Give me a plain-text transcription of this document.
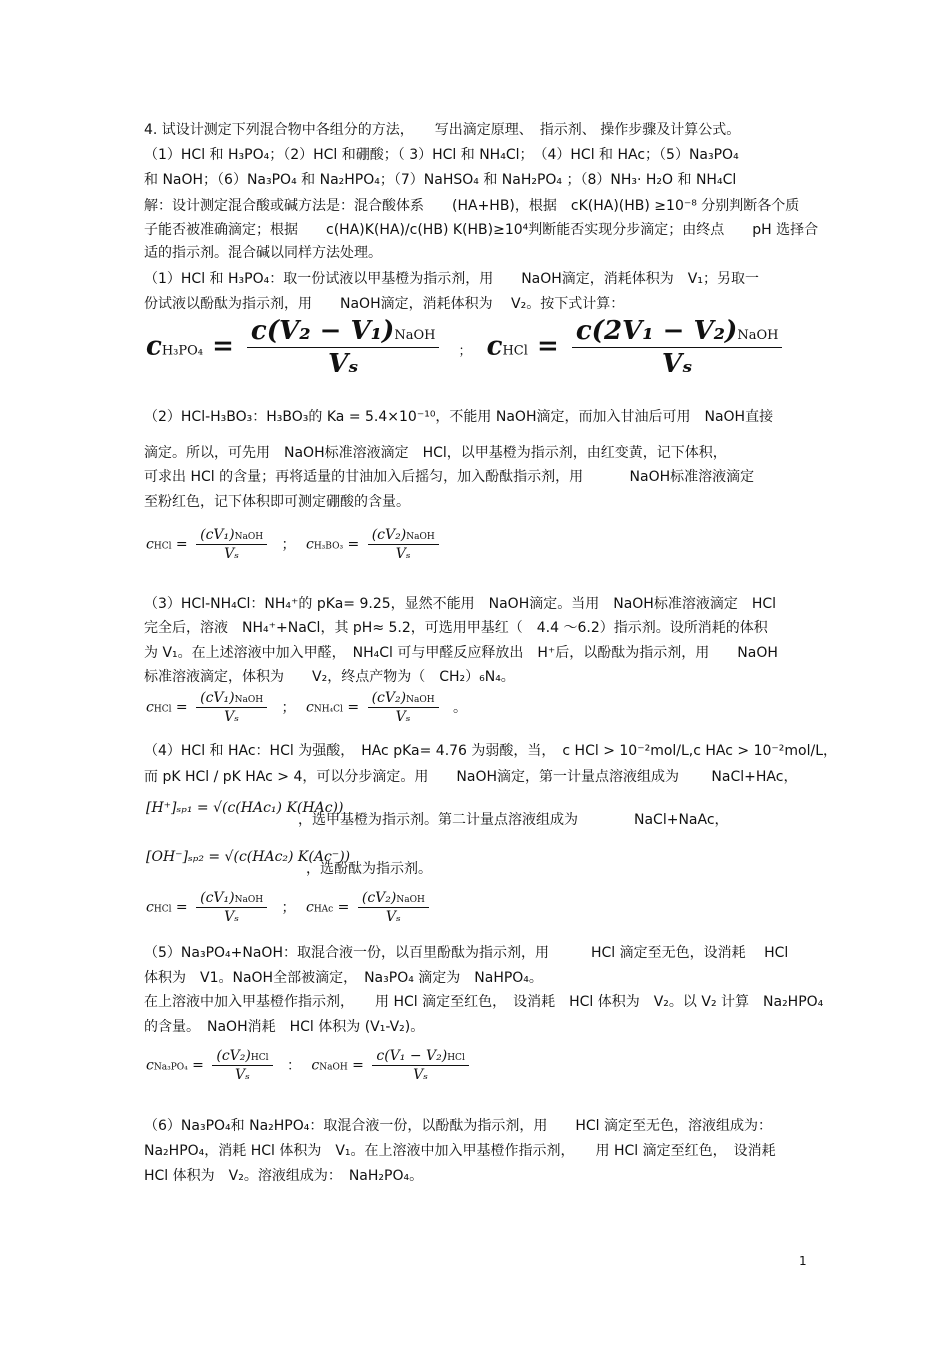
4. 试设计测定下列混合物中各组分的方法，　　写出滴定原理、　指示剂、 操作步骤及计算公式。
（1）HCl 和 H₃PO₄；（2）HCl 和硼酸；（ 3）HCl 和 NH₄Cl；　（4）HCl 和 HAc；（5）Na₃PO₄
和 NaOH；（6）Na₃PO₄ 和 Na₂HPO₄；（7）NaHSO₄ 和 NaH₂PO₄ ；（8）NH₃· H₂O 和 NH₄Cl
解：设计测定混合酸或碱方法是：混合酸体系　　(HA+HB)，根据　cK(HA)(HB) ≥10⁻⁸ 分别判断各个质
子能否被准确滴定；根据　　c(HA)K(HA)/c(HB) K(HB)≥10⁴判断能否实现分步滴定；由终点　　pH 选择合
适的指示剂。混合碱以同样方法处理。
（1）HCl 和 H₃PO₄：取一份试液以甲基橙为指示剂，用　　NaOH滴定，消耗体积为　V₁；另取一
份试液以酚酞为指示剂，用　　NaOH滴定，消耗体积为　 V₂。按下式计算：
cH₃PO₄ =
c(V₂ − V₁)NaOH
Vₛ	； cHCl =
c(2V₁ − V₂)NaOH
Vₛ
（2）HCl-H₃BO₃：H₃BO₃的 Ka = 5.4×10⁻¹⁰，不能用 NaOH滴定，而加入甘油后可用　NaOH直接
滴定。所以，可先用　NaOH标准溶液滴定　HCl，以甲基橙为指示剂，由红变黄，记下体积，
可求出 HCl 的含量；再将适量的甘油加入后摇匀，加入酚酞指示剂，用　　　 NaOH标准溶液滴定
至粉红色，记下体积即可测定硼酸的含量。
cHCl =
(cV₁)NaOH
Vₛ
； cH₃BO₃ =
(cV₂)NaOH
Vₛ
（3）HCl-NH₄Cl：NH₄⁺的 pKa= 9.25，显然不能用　NaOH滴定。当用　NaOH标准溶液滴定　HCl
完全后，溶液　NH₄⁺+NaCl，其 pH≈ 5.2，可选用甲基红（　4.4 ～6.2）指示剂。设所消耗的体积
为 V₁。在上述溶液中加入甲醛，　NH₄Cl 可与甲醛反应释放出　H⁺后，以酚酞为指示剂，用　　NaOH
标准溶液滴定，体积为　　V₂，终点产物为（　CH₂）₆N₄。
cHCl =
(cV₁)NaOH
Vₛ
； cNH₄Cl =
(cV₂)NaOH
Vₛ
。
（4）HCl 和 HAc：HCl 为强酸，　HAc pKa= 4.76 为弱酸，当，　c HCl > 10⁻²mol/L,c HAc > 10⁻²mol/L，
而 pK HCl / pK HAc > 4，可以分步滴定。用　　NaOH滴定，第一计量点溶液组成为　　 NaCl+HAc，
[H⁺]ₛₚ₁ = √(c(HAc₁) K(HAc))
，选甲基橙为指示剂。第二计量点溶液组成为　　　　NaCl+NaAc，
[OH⁻]ₛₚ₂ = √(c(HAc₂) K(Ac⁻))
，选酚酞为指示剂。
cHCl =
(cV₁)NaOH
Vₛ
； cHAc =
(cV₂)NaOH
Vₛ
（5）Na₃PO₄+NaOH：取混合液一份，以百里酚酞为指示剂，用　　　HCl 滴定至无色，设消耗　 HCl
体积为　V1。NaOH全部被滴定，　Na₃PO₄ 滴定为　NaHPO₄。
在上溶液中加入甲基橙作指示剂，　　用 HCl 滴定至红色，　设消耗　HCl 体积为　V₂。以 V₂ 计算　Na₂HPO₄
的含量。　NaOH消耗　HCl 体积为 (V₁-V₂)。
cNa₃PO₄ =
(cV₂)HCl
Vₛ
： cNaOH =
c(V₁ − V₂)HCl
Vₛ
（6）Na₃PO₄和 Na₂HPO₄：取混合液一份，以酚酞为指示剂，用　　HCl 滴定至无色，溶液组成为：
Na₂HPO₄，消耗 HCl 体积为　V₁。在上溶液中加入甲基橙作指示剂，　　用 HCl 滴定至红色，　设消耗
HCl 体积为　V₂。溶液组成为：　NaH₂PO₄。
1
